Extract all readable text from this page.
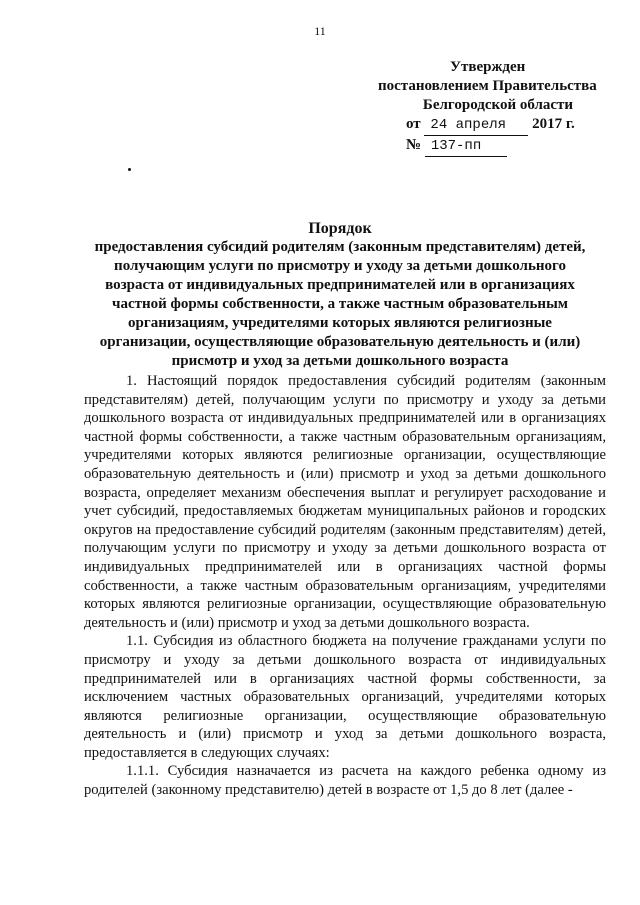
11
Утвержден
постановлением Правительства
Белгородской области
от 24 апреля 2017 г.
№ 137-пп
Порядок
предоставления субсидий родителям (законным представителям) детей,
получающим услуги по присмотру и уходу за детьми дошкольного
возраста от индивидуальных предпринимателей или в организациях
частной формы собственности, а также частным образовательным
организациям, учредителями которых являются религиозные
организации, осуществляющие образовательную деятельность и (или)
присмотр и уход за детьми дошкольного возраста

1. Настоящий порядок предоставления субсидий родителям (законным представителям) детей, получающим услуги по присмотру и уходу за детьми дошкольного возраста от индивидуальных предпринимателей или в организациях частной формы собственности, а также частным образовательным организациям, учредителями которых являются религиозные организации, осуществляющие образовательную деятельность и (или) присмотр и уход за детьми дошкольного возраста, определяет механизм обеспечения выплат и регулирует расходование и учет субсидий, предоставляемых бюджетам муниципальных районов и городских округов на предоставление субсидий родителям (законным представителям) детей, получающим услуги по присмотру и уходу за детьми дошкольного возраста от индивидуальных предпринимателей или в организациях частной формы собственности, а также частным образовательным организациям, учредителями которых являются религиозные организации, осуществляющие образовательную деятельность и (или) присмотр и уход за детьми дошкольного возраста.

1.1. Субсидия из областного бюджета на получение гражданами услуги по присмотру и уходу за детьми дошкольного возраста от индивидуальных предпринимателей или в организациях частной формы собственности, за исключением частных образовательных организаций, учредителями которых являются религиозные организации, осуществляющие образовательную деятельность и (или) присмотр и уход за детьми дошкольного возраста, предоставляется в следующих случаях:

1.1.1. Субсидия назначается из расчета на каждого ребенка одному из родителей (законному представителю) детей в возрасте от 1,5 до 8 лет (далее -
